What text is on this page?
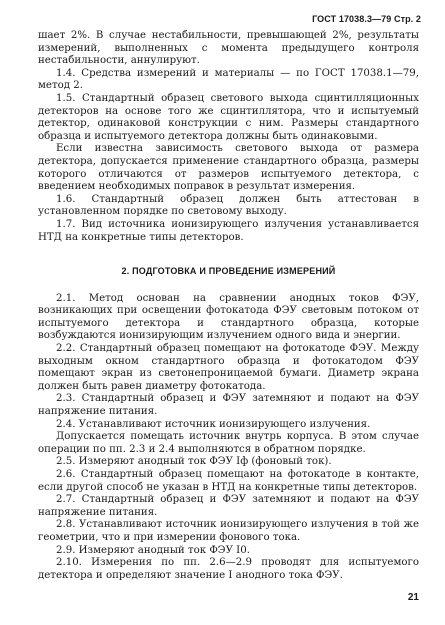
ГОСТ 17038.3—79 Стр. 2

шает 2%. В случае нестабильности, превышающей 2%, результаты измерений, выполненных с момента предыдущего контроля нестабильности, аннулируют.

1.4. Средства измерений и материалы — по ГОСТ 17038.1—79, метод 2.

1.5. Стандартный образец светового выхода сцинтилляционных детекторов на основе того же сцинтиллятора, что и испытуемый детектор, одинаковой конструкции с ним. Размеры стандартного образца и испытуемого детектора должны быть одинаковыми.

Если известна зависимость светового выхода от размера детектора, допускается применение стандартного образца, размеры которого отличаются от размеров испытуемого детектора, с введением необходимых поправок в результат измерения.

1.6. Стандартный образец должен быть аттестован в установленном порядке по световому выходу.

1.7. Вид источника ионизирующего излучения устанавливается НТД на конкретные типы детекторов.

2. ПОДГОТОВКА И ПРОВЕДЕНИЕ ИЗМЕРЕНИЙ

2.1. Метод основан на сравнении анодных токов ФЭУ, возникающих при освещении фотокатода ФЭУ световым потоком от испытуемого детектора и стандартного образца, которые возбуждаются ионизирующим излучением одного вида и энергии.

2.2. Стандартный образец помещают на фотокатоде ФЭУ. Между выходным окном стандартного образца и фотокатодом ФЭУ помещают экран из светонепроницаемой бумаги. Диаметр экрана должен быть равен диаметру фотокатода.

2.3. Стандартный образец и ФЭУ затемняют и подают на ФЭУ напряжение питания.

2.4. Устанавливают источник ионизирующего излучения.

Допускается помещать источник внутрь корпуса. В этом случае операции по пп. 2.3 и 2.4 выполняются в обратном порядке.

2.5. Измеряют анодный ток ФЭУ Iф (фоновый ток).

2.6. Стандартный образец помещают на фотокатоде в контакте, если другой способ не указан в НТД на конкретные типы детекторов.

2.7. Стандартный образец и ФЭУ затемняют и подают на ФЭУ напряжение питания.

2.8. Устанавливают источник ионизирующего излучения в той же геометрии, что и при измерении фонового тока.

2.9. Измеряют анодный ток ФЭУ I0.

2.10. Измерения по пп. 2.6—2.9 проводят для испытуемого детектора и определяют значение I анодного тока ФЭУ.

21
